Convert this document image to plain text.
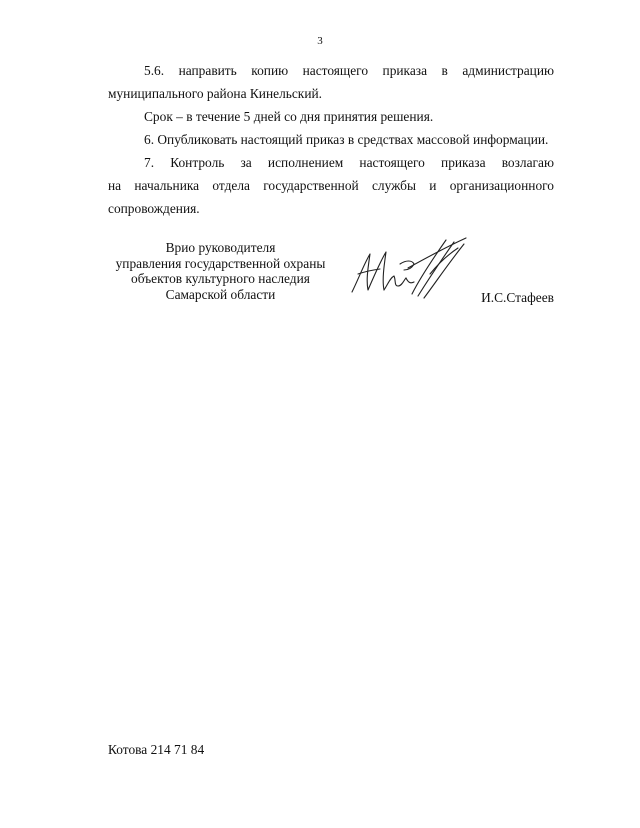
3

5.6. направить копию настоящего приказа в администрацию

муниципального района Кинельский.

Срок – в течение 5 дней со дня принятия решения.

6. Опубликовать настоящий приказ в средствах массовой информации.

7. Контроль за исполнением настоящего приказа возлагаю

на начальника отдела государственной службы и организационного

сопровождения.

Врио руководителя
управления государственной охраны
объектов культурного наследия
Самарской области	И.С.Стафеев
Котова 214 71 84
